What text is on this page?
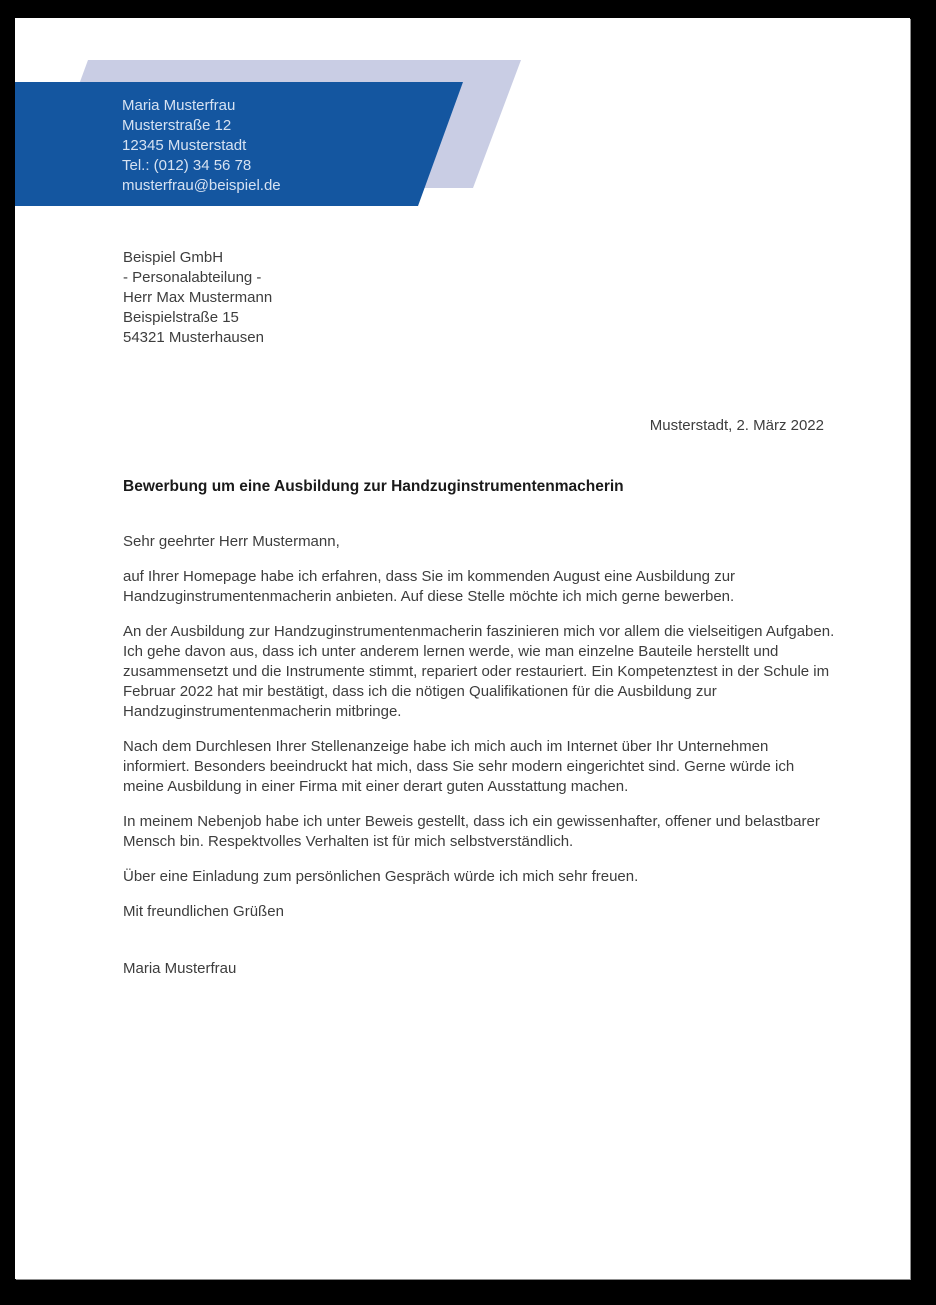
Maria Musterfrau
Musterstraße 12
12345 Musterstadt
Tel.: (012) 34 56 78
musterfrau@beispiel.de
Beispiel GmbH
- Personalabteilung -
Herr Max Mustermann
Beispielstraße 15
54321 Musterhausen
Musterstadt, 2. März 2022
Bewerbung um eine Ausbildung zur Handzuginstrumentenmacherin

Sehr geehrter Herr Mustermann,

auf Ihrer Homepage habe ich erfahren, dass Sie im kommenden August eine Ausbildung zur Handzuginstrumentenmacherin anbieten. Auf diese Stelle möchte ich mich gerne bewerben.

An der Ausbildung zur Handzuginstrumentenmacherin faszinieren mich vor allem die vielseitigen Aufgaben. Ich gehe davon aus, dass ich unter anderem lernen werde, wie man einzelne Bauteile herstellt und zusammensetzt und die Instrumente stimmt, repariert oder restauriert. Ein Kompetenztest in der Schule im Februar 2022 hat mir bestätigt, dass ich die nötigen Qualifikationen für die Ausbildung zur Handzuginstrumentenmacherin mitbringe.

Nach dem Durchlesen Ihrer Stellenanzeige habe ich mich auch im Internet über Ihr Unternehmen informiert. Besonders beeindruckt hat mich, dass Sie sehr modern eingerichtet sind. Gerne würde ich meine Ausbildung in einer Firma mit einer derart guten Ausstattung machen.

In meinem Nebenjob habe ich unter Beweis gestellt, dass ich ein gewissenhafter, offener und belastbarer Mensch bin. Respektvolles Verhalten ist für mich selbstverständlich.

Über eine Einladung zum persönlichen Gespräch würde ich mich sehr freuen.

Mit freundlichen Grüßen

Maria Musterfrau
